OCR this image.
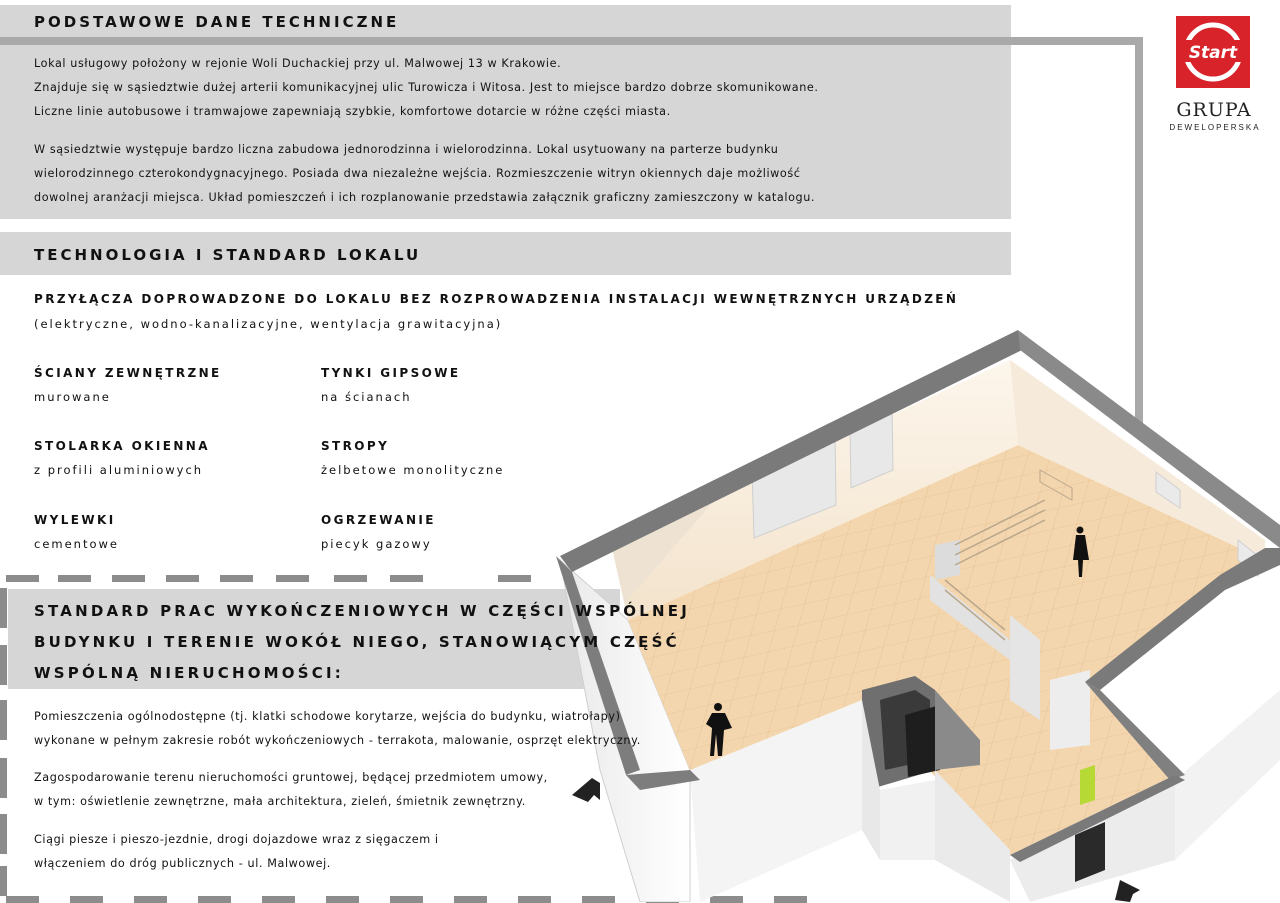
PODSTAWOWE DANE TECHNICZNE
Lokal usługowy położony w rejonie Woli Duchackiej przy ul. Malwowej 13 w Krakowie.
Znajduje się w sąsiedztwie dużej arterii komunikacyjnej ulic Turowicza i Witosa. Jest to miejsce bardzo dobrze skomunikowane.
Liczne linie autobusowe i tramwajowe zapewniają szybkie, komfortowe dotarcie w różne części miasta.
W sąsiedztwie występuje bardzo liczna zabudowa jednorodzinna i wielorodzinna. Lokal usytuowany na parterze budynku
wielorodzinnego czterokondygnacyjnego. Posiada dwa niezależne wejścia. Rozmieszczenie witryn okiennych daje możliwość
dowolnej aranżacji miejsca. Układ pomieszczeń i ich rozplanowanie przedstawia załącznik graficzny zamieszczony w katalogu.
TECHNOLOGIA I STANDARD LOKALU
PRZYŁĄCZA DOPROWADZONE DO LOKALU BEZ ROZPROWADZENIA INSTALACJI WEWNĘTRZNYCH URZĄDZEŃ
(elektryczne, wodno-kanalizacyjne, wentylacja grawitacyjna)
ŚCIANY ZEWNĘTRZNE
murowane
TYNKI GIPSOWE
na ścianach
STOLARKA OKIENNA
z profili aluminiowych
STROPY
żelbetowe monolityczne
WYLEWKI
cementowe
OGRZEWANIE
piecyk gazowy
STANDARD PRAC WYKOŃCZENIOWYCH W CZĘŚCI WSPÓLNEJ
BUDYNKU I TERENIE WOKÓŁ NIEGO, STANOWIĄCYM CZĘŚĆ
WSPÓLNĄ NIERUCHOMOŚCI:
Pomieszczenia ogólnodostępne (tj. klatki schodowe korytarze, wejścia do budynku, wiatrołapy)
wykonane w pełnym zakresie robót wykończeniowych - terrakota, malowanie, osprzęt elektryczny.
Zagospodarowanie terenu nieruchomości gruntowej, będącej przedmiotem umowy,
w tym: oświetlenie zewnętrzne, mała architektura, zieleń, śmietnik zewnętrzny.
Ciągi piesze i pieszo-jezdnie, drogi dojazdowe wraz z sięgaczem i
włączeniem do dróg publicznych - ul. Malwowej.
Start
GRUPA
DEWELOPERSKA
